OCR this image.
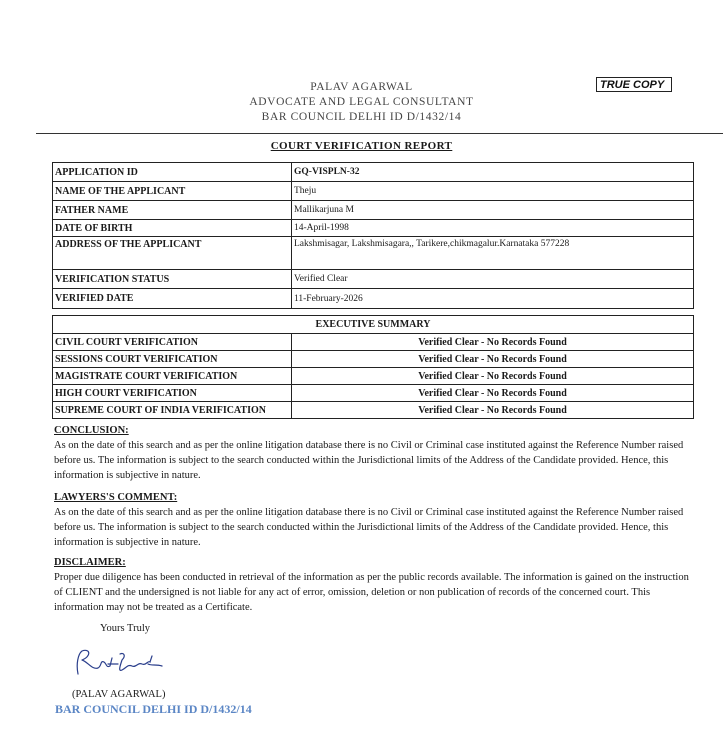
PALAV AGARWAL
ADVOCATE AND LEGAL CONSULTANT
BAR COUNCIL DELHI ID D/1432/14
TRUE COPY
COURT VERIFICATION REPORT
APPLICATION ID	GQ-VISPLN-32
NAME OF THE APPLICANT	Theju
FATHER NAME	Mallikarjuna M
DATE OF BIRTH	14-April-1998
ADDRESS OF THE APPLICANT	Lakshmisagar, Lakshmisagara,, Tarikere,chikmagalur.Karnataka 577228
VERIFICATION STATUS	Verified Clear
VERIFIED DATE	11-February-2026
EXECUTIVE SUMMARY	
CIVIL COURT VERIFICATION	Verified Clear - No Records Found
SESSIONS COURT VERIFICATION	Verified Clear - No Records Found
MAGISTRATE COURT VERIFICATION	Verified Clear - No Records Found
HIGH COURT VERIFICATION	Verified Clear - No Records Found
SUPREME COURT OF INDIA VERIFICATION	Verified Clear - No Records Found
CONCLUSION:
As on the date of this search and as per the online litigation database there is no Civil or Criminal case instituted against the Reference Number raised before us. The information is subject to the search conducted within the Jurisdictional limits of the Address of the Candidate provided. Hence, this information is subjective in nature.
LAWYERS'S COMMENT:
As on the date of this search and as per the online litigation database there is no Civil or Criminal case instituted against the Reference Number raised before us. The information is subject to the search conducted within the Jurisdictional limits of the Address of the Candidate provided. Hence, this information is subjective in nature.
DISCLAIMER:
Proper due diligence has been conducted in retrieval of the information as per the public records available. The information is gained on the instruction of CLIENT and the undersigned is not liable for any act of error, omission, deletion or non publication of records of the concerned court. This information may not be treated as a Certificate.
Yours Truly
(PALAV AGARWAL)
BAR COUNCIL DELHI ID D/1432/14
